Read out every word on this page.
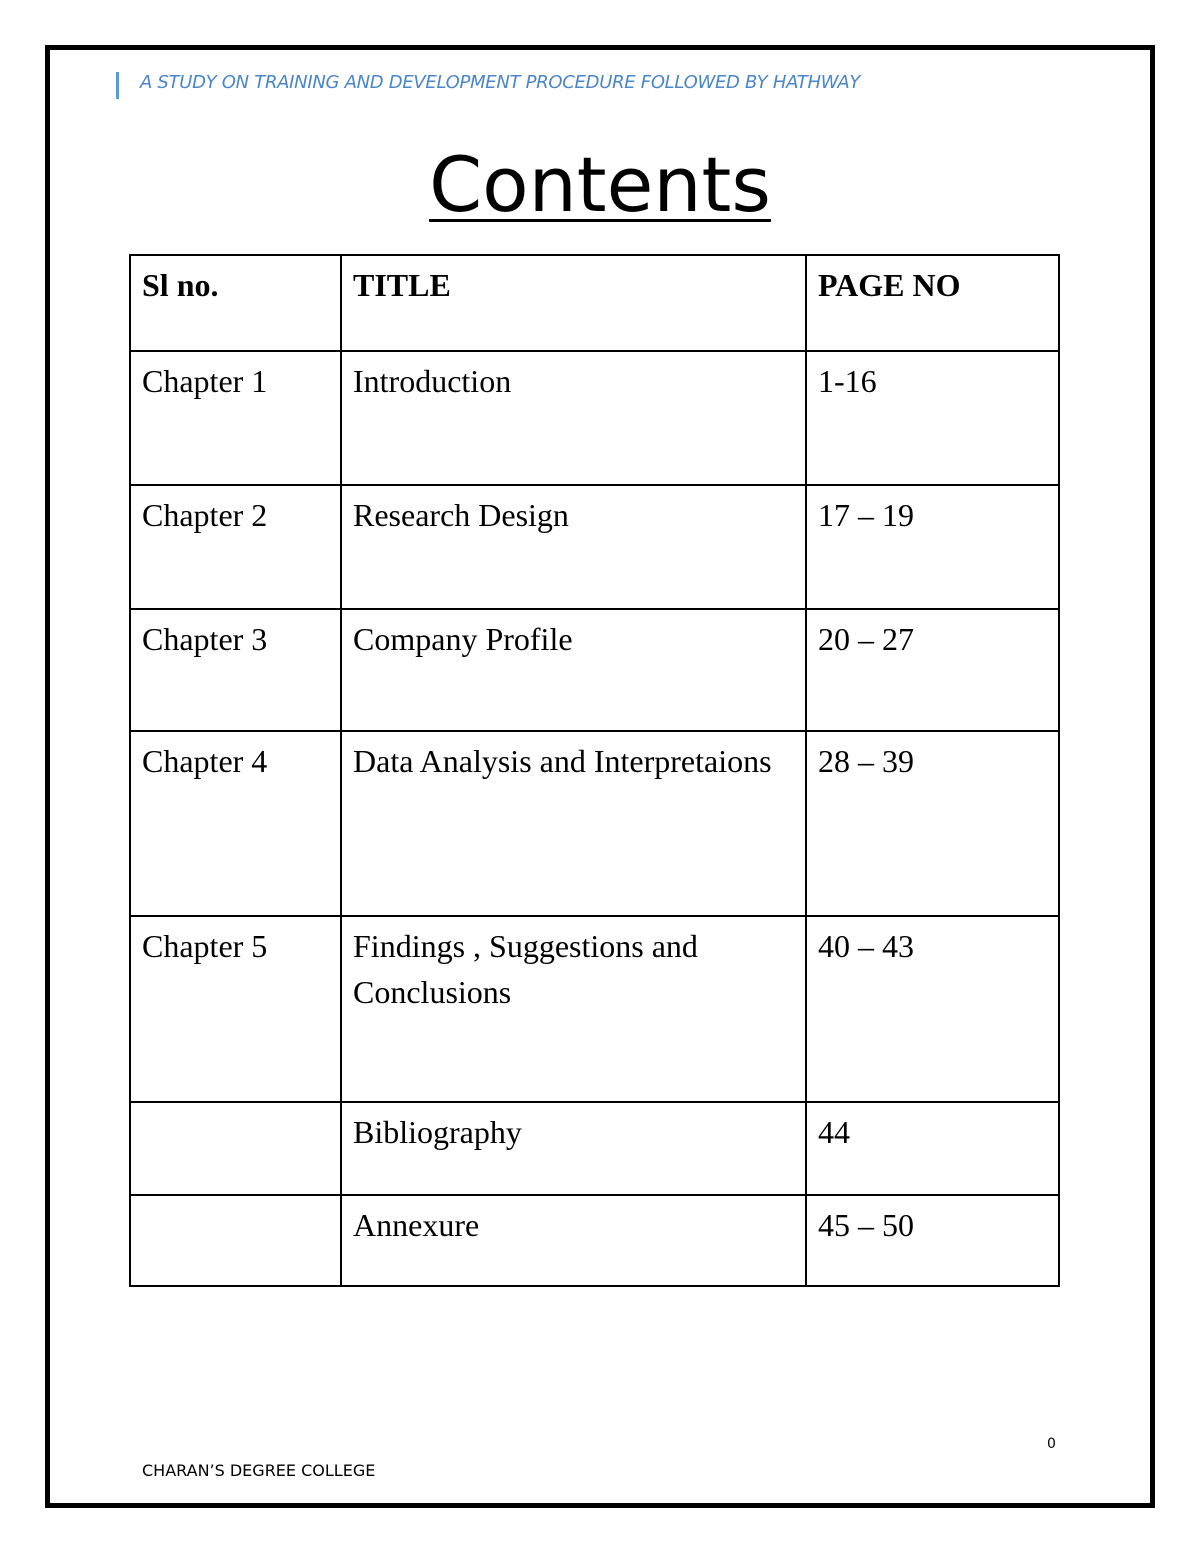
A STUDY ON TRAINING AND DEVELOPMENT PROCEDURE FOLLOWED BY HATHWAY
Contents
Sl no.	TITLE	PAGE NO
Chapter 1	Introduction	1-16
Chapter 2	Research Design	17 – 19
Chapter 3	Company Profile	20 – 27
Chapter 4	Data Analysis and Interpretaions	28 – 39
Chapter 5	Findings , Suggestions and Conclusions	40 – 43
	Bibliography	44
	Annexure	45 – 50
0
CHARAN’S DEGREE COLLEGE
